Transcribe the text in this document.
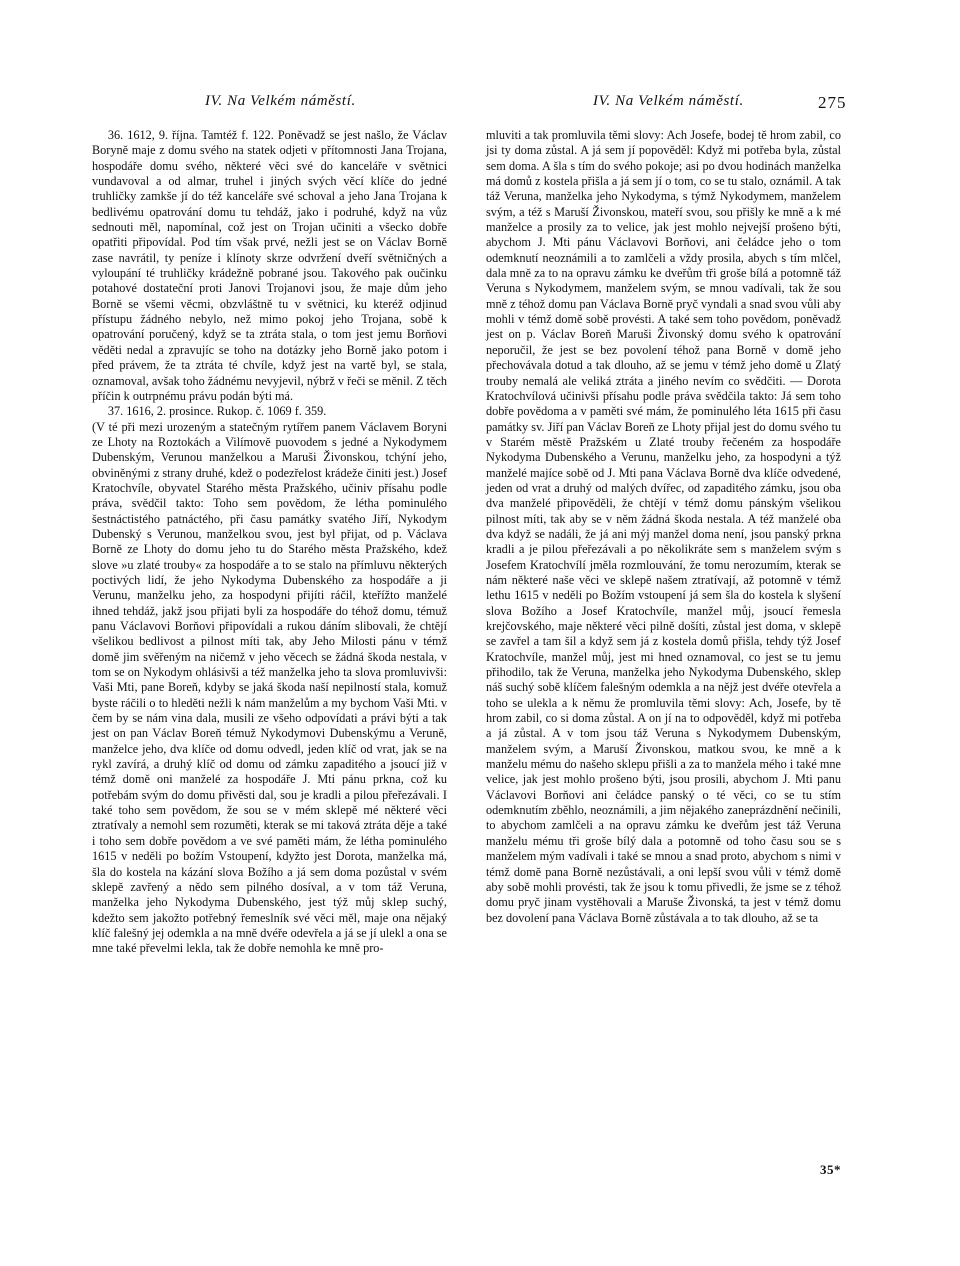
IV. Na Velkém náměstí.	IV. Na Velkém náměstí.	275

36. 1612, 9. října. Tamtéž f. 122. Poněvadž se jest našlo, že Václav Boryně maje z domu svého na statek odjeti v přítomnosti Jana Trojana, hospodáře domu svého, některé věci své do kanceláře v světnici vundavoval a od almar, truhel i jiných svých věcí klíče do jedné truhličky zamkše jí do též kanceláře své schoval a jeho Jana Trojana k bedlivému opatrování domu tu tehdáž, jako i podruhé, když na vůz sednouti měl, napomínal, což jest on Trojan učiniti a všecko dobře opatřiti připovídal. Pod tím však prvé, nežli jest se on Václav Borně zase navrátil, ty peníze i klínoty skrze odvržení dveří světničných a vyloupání té truhličky krádežně pobrané jsou. Takového pak oučinku potahové dostateční proti Janovi Trojanovi jsou, že maje dům jeho Borně se všemi věcmi, obzvláštně tu v světnici, ku kteréž odjinud přístupu žádného nebylo, než mimo pokoj jeho Trojana, sobě k opatrování poručený, když se ta ztráta stala, o tom jest jemu Borňovi věděti nedal a zpravujíc se toho na dotázky jeho Borně jako potom i před právem, že ta ztráta té chvíle, když jest na vartě byl, se stala, oznamoval, avšak toho žádnému nevyjevil, nýbrž v řeči se měnil. Z těch příčin k outrpnému právu podán býti má.

37. 1616, 2. prosince. Rukop. č. 1069 f. 359.

(V té při mezi urozeným a statečným rytířem panem Václavem Boryni ze Lhoty na Roztokách a Vilímově puovodem s jedné a Nykodymem Dubenským, Verunou manželkou a Maruši Živonskou, tchýní jeho, obviněnými z strany druhé, kdež o podezřelost krádeže činiti jest.) Josef Kratochvíle, obyvatel Starého města Pražského, učiniv přísahu podle práva, svědčil takto: Toho sem povědom, že létha pominulého šestnáctistého patnáctého, při času památky svatého Jiří, Nykodym Dubenský s Verunou, manželkou svou, jest byl přijat, od p. Václava Borně ze Lhoty do domu jeho tu do Starého města Pražského, kdež slove »u zlaté trouby« za hospodáře a to se stalo na přímluvu některých poctivých lidí, že jeho Nykodyma Dubenského za hospodáře a ji Verunu, manželku jeho, za hospodyni přijíti ráčil, kteřížto manželé ihned tehdáž, jakž jsou přijati byli za hospodáře do téhož domu, témuž panu Václavovi Borňovi připovídali a rukou dáním slibovali, že chtějí všelikou bedlivost a pilnost míti tak, aby Jeho Milosti pánu v témž domě jim svěřeným na ničemž v jeho věcech se žádná škoda nestala, v tom se on Nykodym ohlásivši a též manželka jeho ta slova promluvivši: Vaši Mti, pane Boreň, kdyby se jaká škoda naší nepilností stala, komuž byste ráčili o to hleděti nežli k nám manželům a my bychom Vaši Mti. v čem by se nám vina dala, musili ze všeho odpovídati a právi býti a tak jest on pan Václav Boreň témuž Nykodymovi Dubenskýmu a Veruně, manželce jeho, dva klíče od domu odvedl, jeden klíč od vrat, jak se na rykl zavírá, a druhý klíč od domu od zámku zapaditého a jsoucí již v témž domě oni manželé za hospodáře J. Mti pánu prkna, což ku potřebám svým do domu přivěsti dal, sou je kradli a pilou přeřezávali. I také toho sem povědom, že sou se v mém sklepě mé některé věci ztratívaly a nemohl sem rozuměti, kterak se mi taková ztráta děje a také i toho sem dobře povědom a ve své paměti mám, že létha pominulého 1615 v neděli po božím Vstoupení, kdyžto jest Dorota, manželka má, šla do kostela na kázání slova Božího a já sem doma pozůstal v svém sklepě zavřený a nědo sem pilného dosíval, a v tom táž Veruna, manželka jeho Nykodyma Dubenského, jest týž můj sklep suchý, kdežto sem jakožto potřebný řemeslník své věci měl, maje ona nějaký klíč falešný jej odemkla a na mně dvéře odevřela a já se jí ulekl a ona se mne také převelmi lekla, tak že dobře nemohla ke mně pro-

mluviti a tak promluvila těmi slovy: Ach Josefe, bodej tě hrom zabil, co jsi ty doma zůstal. A já sem jí popověděl: Když mi potřeba byla, zůstal sem doma. A šla s tím do svého pokoje; asi po dvou hodinách manželka má domů z kostela přišla a já sem jí o tom, co se tu stalo, oznámil. A tak táž Veruna, manželka jeho Nykodyma, s týmž Nykodymem, manželem svým, a též s Maruší Živonskou, mateří svou, sou přišly ke mně a k mé manželce a prosily za to velice, jak jest mohlo nejvejší prošeno býti, abychom J. Mti pánu Václavovi Borňovi, ani čeládce jeho o tom odemknutí neoznámili a to zamlčeli a vždy prosila, abych s tím mlčel, dala mně za to na opravu zámku ke dveřům tři groše bílá a potomně táž Veruna s Nykodymem, manželem svým, se mnou vadívali, tak že sou mně z téhož domu pan Václava Borně pryč vyndali a snad svou vůli aby mohli v témž domě sobě provésti. A také sem toho povědom, poněvadž jest on p. Václav Boreň Maruši Živonský domu svého k opatrování neporučil, že jest se bez povolení téhož pana Borně v domě jeho přechovávala dotud a tak dlouho, až se jemu v témž jeho domě u Zlatý trouby nemalá ale veliká ztráta a jiného nevím co svědčiti. — Dorota Kratochvílová učinivši přísahu podle práva svědčila takto: Já sem toho dobře povědoma a v paměti své mám, že pominulého léta 1615 při času památky sv. Jiří pan Václav Boreň ze Lhoty přijal jest do domu svého tu v Starém městě Pražském u Zlaté trouby řečeném za hospodáře Nykodyma Dubenského a Verunu, manželku jeho, za hospodyni a týž manželé majíce sobě od J. Mti pana Václava Borně dva klíče odvedené, jeden od vrat a druhý od malých dvířec, od zapaditého zámku, jsou oba dva manželé připověděli, že chtějí v témž domu pánským všelikou pilnost míti, tak aby se v něm žádná škoda nestala. A též manželé oba dva když se nadáli, že já ani mýj manžel doma není, jsou panský prkna kradli a je pilou přeřezávali a po několikráte sem s manželem svým s Josefem Kratochvílí jměla rozmlouvání, že tomu nerozumím, kterak se nám některé naše věci ve sklepě našem ztratívají, až potomně v témž lethu 1615 v neděli po Božím vstoupení já sem šla do kostela k slyšení slova Božího a Josef Kratochvíle, manžel můj, jsoucí řemesla krejčovského, maje některé věci pilně došíti, zůstal jest doma, v sklepě se zavřel a tam šil a když sem já z kostela domů přišla, tehdy týž Josef Kratochvíle, manžel můj, jest mi hned oznamoval, co jest se tu jemu přihodilo, tak že Veruna, manželka jeho Nykodyma Dubenského, sklep náš suchý sobě klíčem falešným odemkla a na nějž jest dvéře otevřela a toho se ulekla a k němu že promluvila těmi slovy: Ach, Josefe, by tě hrom zabil, co si doma zůstal. A on jí na to odpověděl, když mi potřeba a já zůstal. A v tom jsou táž Veruna s Nykodymem Dubenským, manželem svým, a Maruší Živonskou, matkou svou, ke mně a k manželu mému do našeho sklepu přišli a za to manžela mého i také mne velice, jak jest mohlo prošeno býti, jsou prosili, abychom J. Mti panu Václavovi Borňovi ani čeládce panský o té věci, co se tu stím odemknutím zběhlo, neoznámili, a jim nějakého zaneprázdnění nečinili, to abychom zamlčeli a na opravu zámku ke dveřům jest táž Veruna manželu mému tři groše bílý dala a potomně od toho času sou se s manželem mým vadívali i také se mnou a snad proto, abychom s nimi v témž domě pana Borně nezůstávali, a oni lepší svou vůli v témž domě aby sobě mohli provésti, tak že jsou k tomu přivedli, že jsme se z téhož domu pryč jinam vystěhovali a Maruše Živonská, ta jest v témž domu bez dovolení pana Václava Borně zůstávala a to tak dlouho, až se ta

35*
